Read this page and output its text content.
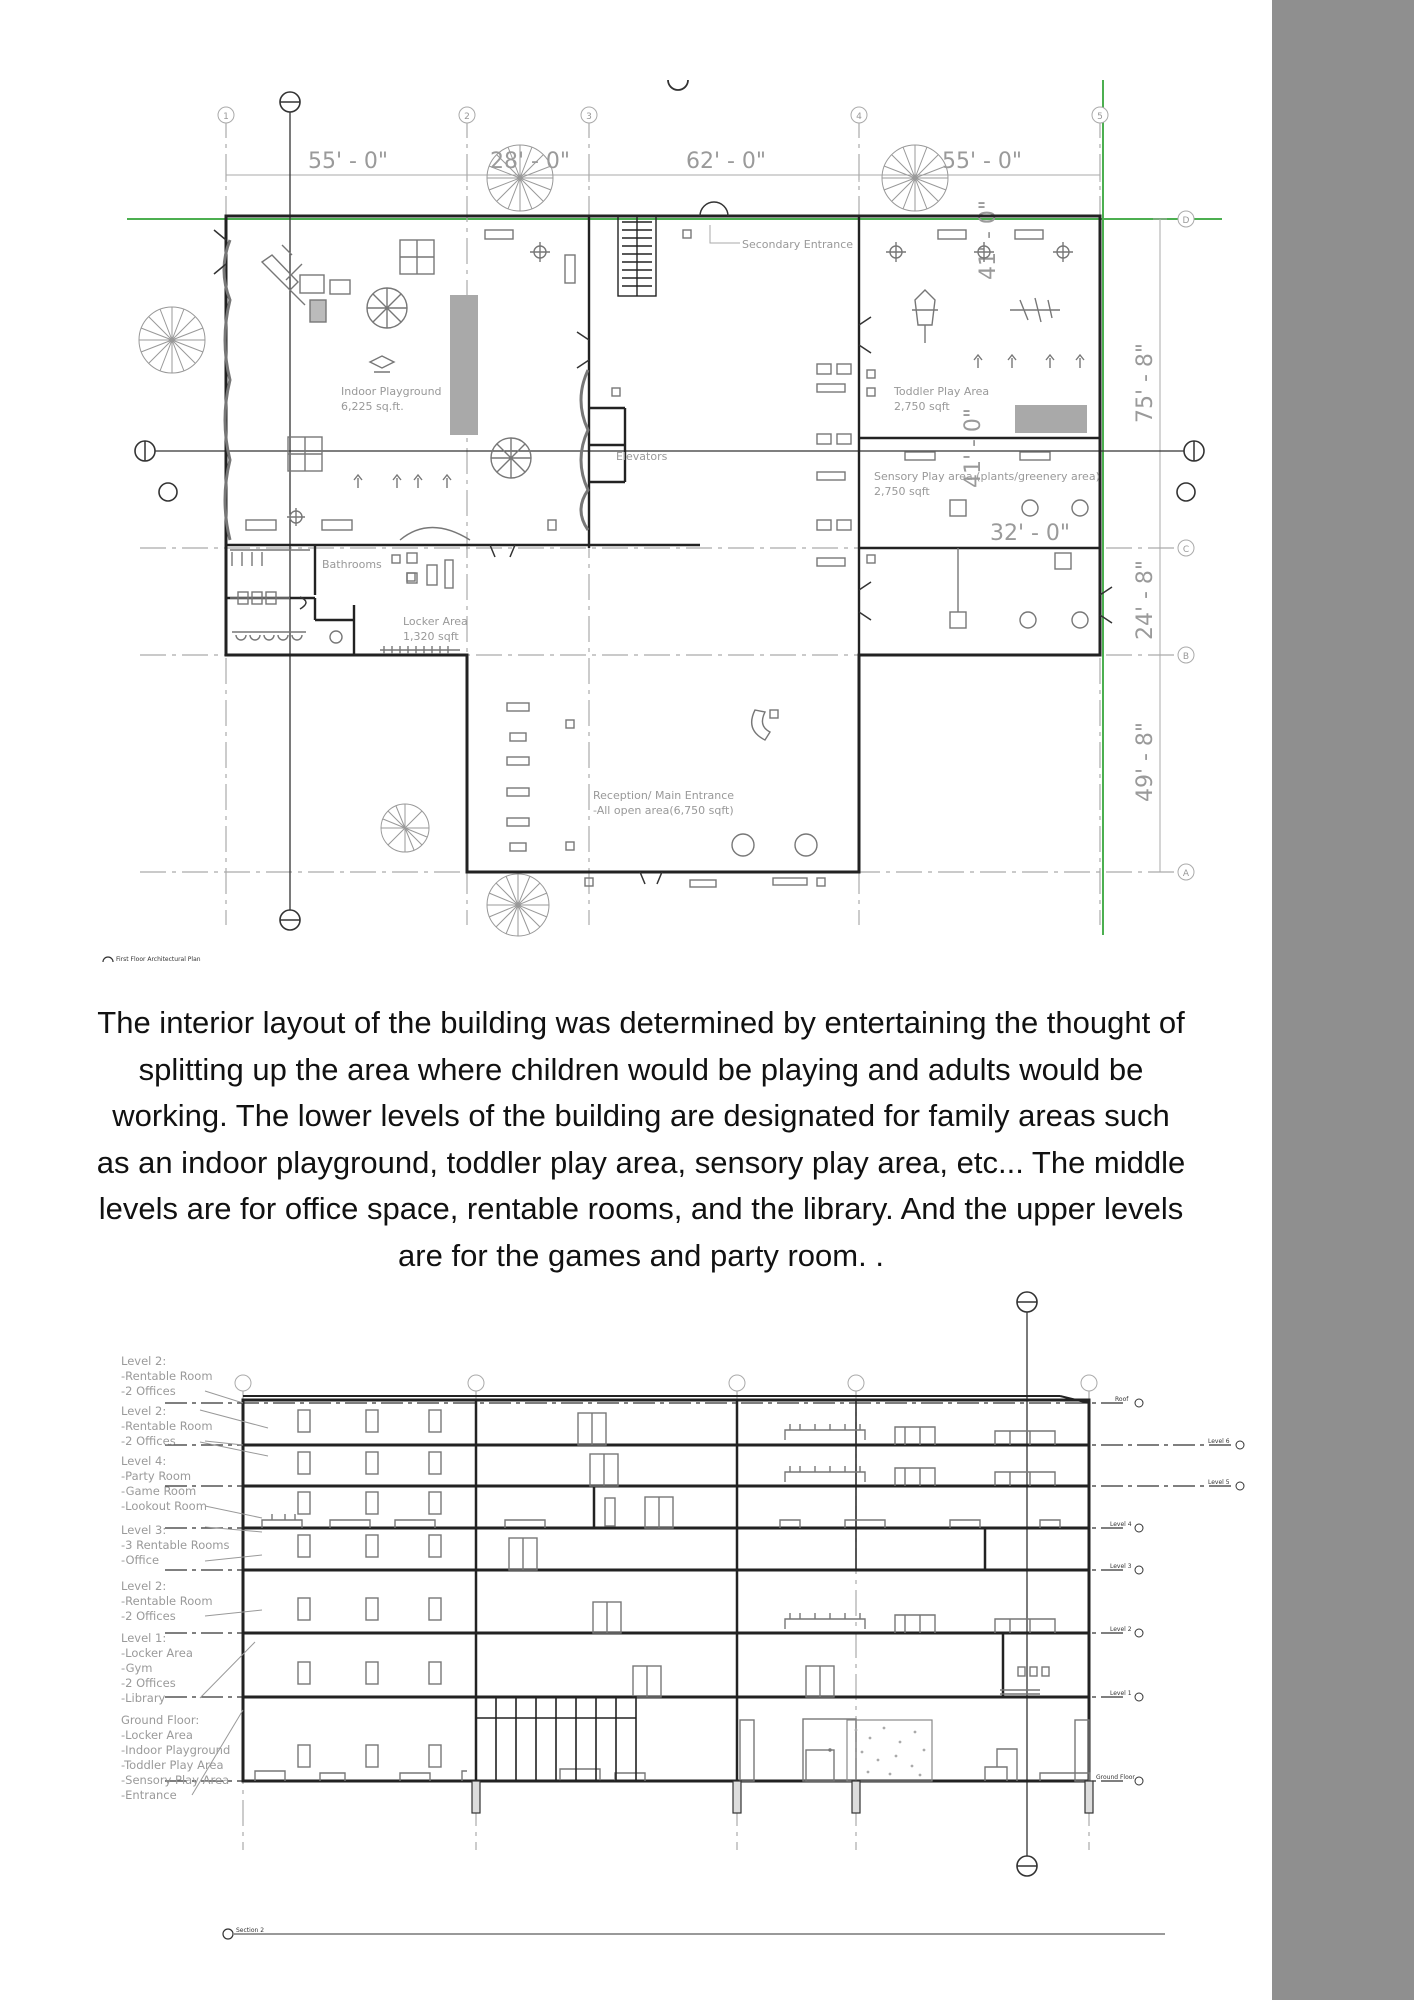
1	2	3	4	5
D
C
B
A
55' - 0"	28' - 0"	62' - 0"	55' - 0"
75' - 8"
24' - 8"
49' - 8"
32' - 0"
41' - 0"
41' - 0"
Secondary Entrance
Indoor Playground
6,225 sq.ft.
Toddler Play Area
2,750 sqft
Elevators
Sensory Play area (plants/greenery area)
2,750 sqft
Bathrooms
Locker Area
1,320 sqft
Reception/ Main Entrance
-All open area(6,750 sqft)
First Floor Architectural Plan
The interior layout of the building was determined by entertaining the thought of splitting up the area where children would be playing and adults would be working. The lower levels of the building are designated for family areas such as an indoor playground, toddler play area, sensory play area, etc... The middle levels are for office space, rentable rooms, and the library. And the upper levels are for the games and party room. .
Roof
Level 6
Level 5
Level 4
Level 3
Level 2
Level 1
Ground Floor
Level 2:
-Rentable Room
-2 Offices
Level 2:
-Rentable Room
-2 Offices
Level 4:
-Party Room
-Game Room
-Lookout Room
Level 3:
-3 Rentable Rooms
-Office
Level 2:
-Rentable Room
-2 Offices
Level 1:
-Locker Area
-Gym
-2 Offices
-Library
Ground Floor:
-Locker Area
-Indoor Playground
-Toddler Play Area
-Sensory Play Area
-Entrance
Section 2
